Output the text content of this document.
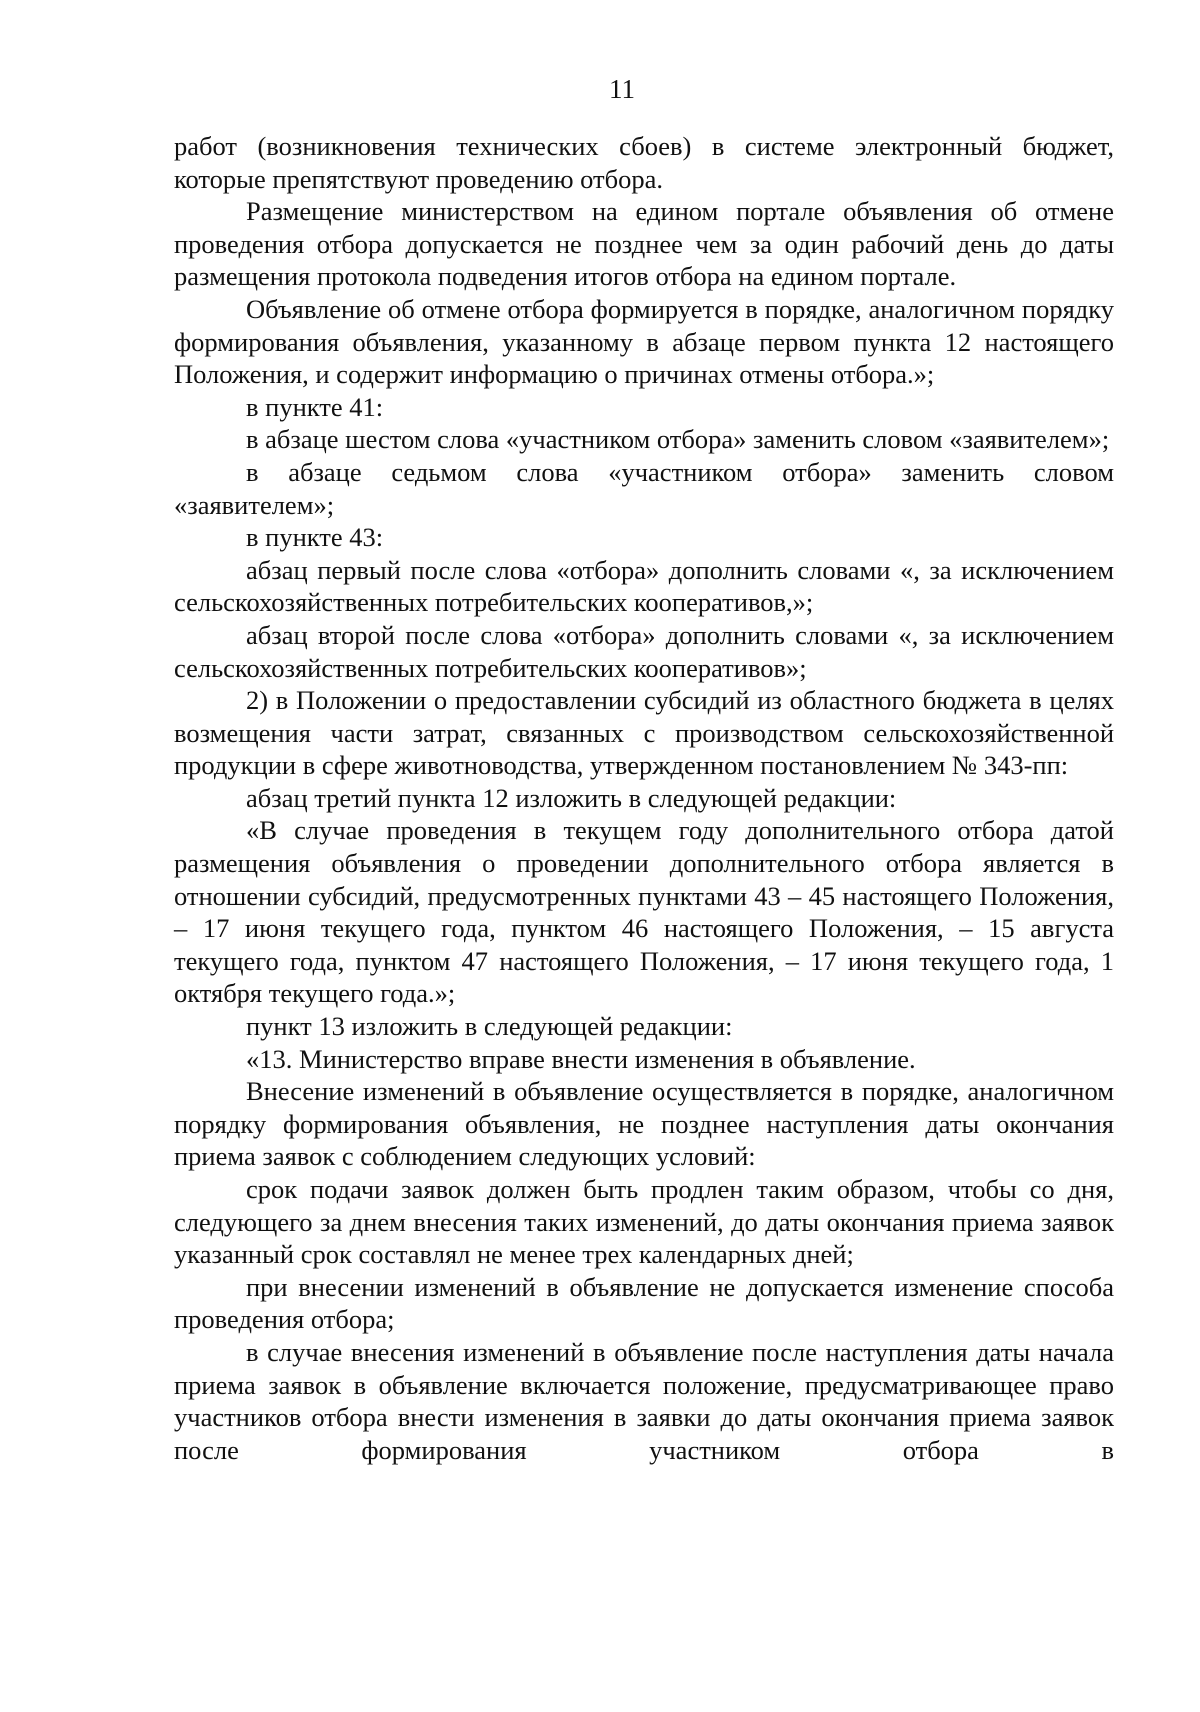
11

работ (возникновения технических сбоев) в системе электронный бюджет, которые препятствуют проведению отбора.

Размещение министерством на едином портале объявления об отмене проведения отбора допускается не позднее чем за один рабочий день до даты размещения протокола подведения итогов отбора на едином портале.

Объявление об отмене отбора формируется в порядке, аналогичном порядку формирования объявления, указанному в абзаце первом пункта 12 настоящего Положения, и содержит информацию о причинах отмены отбора.»;

в пункте 41:

в абзаце шестом слова «участником отбора» заменить словом «заявителем»;

в абзаце седьмом слова «участником отбора» заменить словом «заявителем»;

в пункте 43:

абзац первый после слова «отбора» дополнить словами «, за исключением сельскохозяйственных потребительских кооперативов,»;

абзац второй после слова «отбора» дополнить словами «, за исключением сельскохозяйственных потребительских кооперативов»;

2) в Положении о предоставлении субсидий из областного бюджета в целях возмещения части затрат, связанных с производством сельскохозяйственной продукции в сфере животноводства, утвержденном постановлением № 343-пп:

абзац третий пункта 12 изложить в следующей редакции:

«В случае проведения в текущем году дополнительного отбора датой размещения объявления о проведении дополнительного отбора является в отношении субсидий, предусмотренных пунктами 43 – 45 настоящего Положения, – 17 июня текущего года, пунктом 46 настоящего Положения, – 15 августа текущего года, пунктом 47 настоящего Положения, – 17 июня текущего года, 1 октября текущего года.»;

пункт 13 изложить в следующей редакции:

«13. Министерство вправе внести изменения в объявление.

Внесение изменений в объявление осуществляется в порядке, аналогичном порядку формирования объявления, не позднее наступления даты окончания приема заявок с соблюдением следующих условий:

срок подачи заявок должен быть продлен таким образом, чтобы со дня, следующего за днем внесения таких изменений, до даты окончания приема заявок указанный срок составлял не менее трех календарных дней;

при внесении изменений в объявление не допускается изменение способа проведения отбора;

в случае внесения изменений в объявление после наступления даты начала приема заявок в объявление включается положение, предусматривающее право участников отбора внести изменения в заявки до даты окончания приема заявок после формирования участником отбора в
